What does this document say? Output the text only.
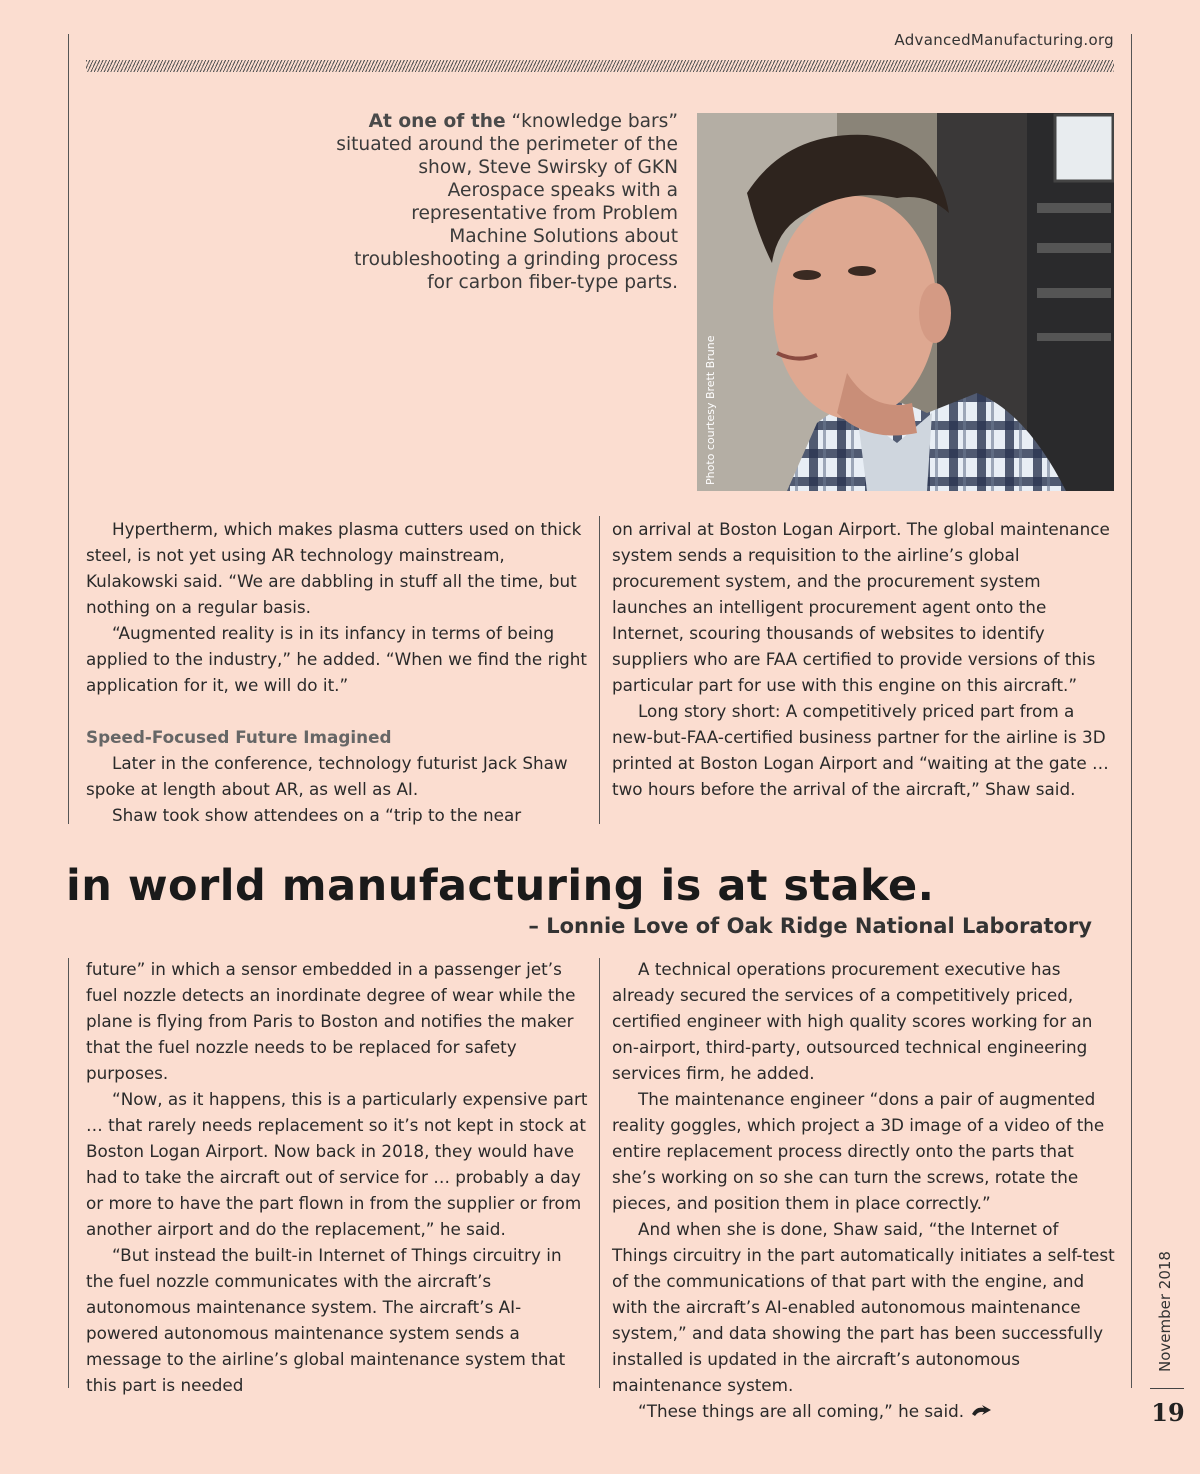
AdvancedManufacturing.org
At one of the “knowledge bars” situated around the perimeter of the show, Steve Swirsky of GKN Aerospace speaks with a representative from Problem Machine Solutions about troubleshooting a grinding process for carbon fiber-type parts.
Photo courtesy Brett Brune

Hypertherm, which makes plasma cutters used on thick steel, is not yet using AR technology mainstream, Kulakowski said. “We are dabbling in stuff all the time, but nothing on a regular basis.

“Augmented reality is in its infancy in terms of being applied to the industry,” he added. “When we find the right application for it, we will do it.”

Speed-Focused Future Imagined

Later in the conference, technology futurist Jack Shaw spoke at length about AR, as well as AI.

Shaw took show attendees on a “trip to the near

on arrival at Boston Logan Airport. The global maintenance system sends a requisition to the airline’s global procurement system, and the procurement system launches an intelligent procurement agent onto the Internet, scouring thousands of websites to identify suppliers who are FAA certified to provide versions of this particular part for use with this engine on this aircraft.”

Long story short: A competitively priced part from a new-but-FAA-certified business partner for the airline is 3D printed at Boston Logan Airport and “waiting at the gate … two hours before the arrival of the aircraft,” Shaw said.

in world manufacturing is at stake.
– Lonnie Love of Oak Ridge National Laboratory

future” in which a sensor embedded in a passenger jet’s fuel nozzle detects an inordinate degree of wear while the plane is flying from Paris to Boston and notifies the maker that the fuel nozzle needs to be replaced for safety purposes.

“Now, as it happens, this is a particularly expensive part … that rarely needs replacement so it’s not kept in stock at Boston Logan Airport. Now back in 2018, they would have had to take the aircraft out of service for … probably a day or more to have the part flown in from the supplier or from another airport and do the replacement,” he said.

“But instead the built-in Internet of Things circuitry in the fuel nozzle communicates with the aircraft’s autonomous maintenance system. The aircraft’s AI-powered autonomous maintenance system sends a message to the airline’s global maintenance system that this part is needed

A technical operations procurement executive has already secured the services of a competitively priced, certified engineer with high quality scores working for an on-airport, third-party, outsourced technical engineering services firm, he added.

The maintenance engineer “dons a pair of augmented reality goggles, which project a 3D image of a video of the entire replacement process directly onto the parts that she’s working on so she can turn the screws, rotate the pieces, and position them in place correctly.”

And when she is done, Shaw said, “the Internet of Things circuitry in the part automatically initiates a self-test of the communications of that part with the engine, and with the aircraft’s AI-enabled autonomous maintenance system,” and data showing the part has been successfully installed is updated in the aircraft’s autonomous maintenance system.

“These things are all coming,” he said.

November 2018
19
